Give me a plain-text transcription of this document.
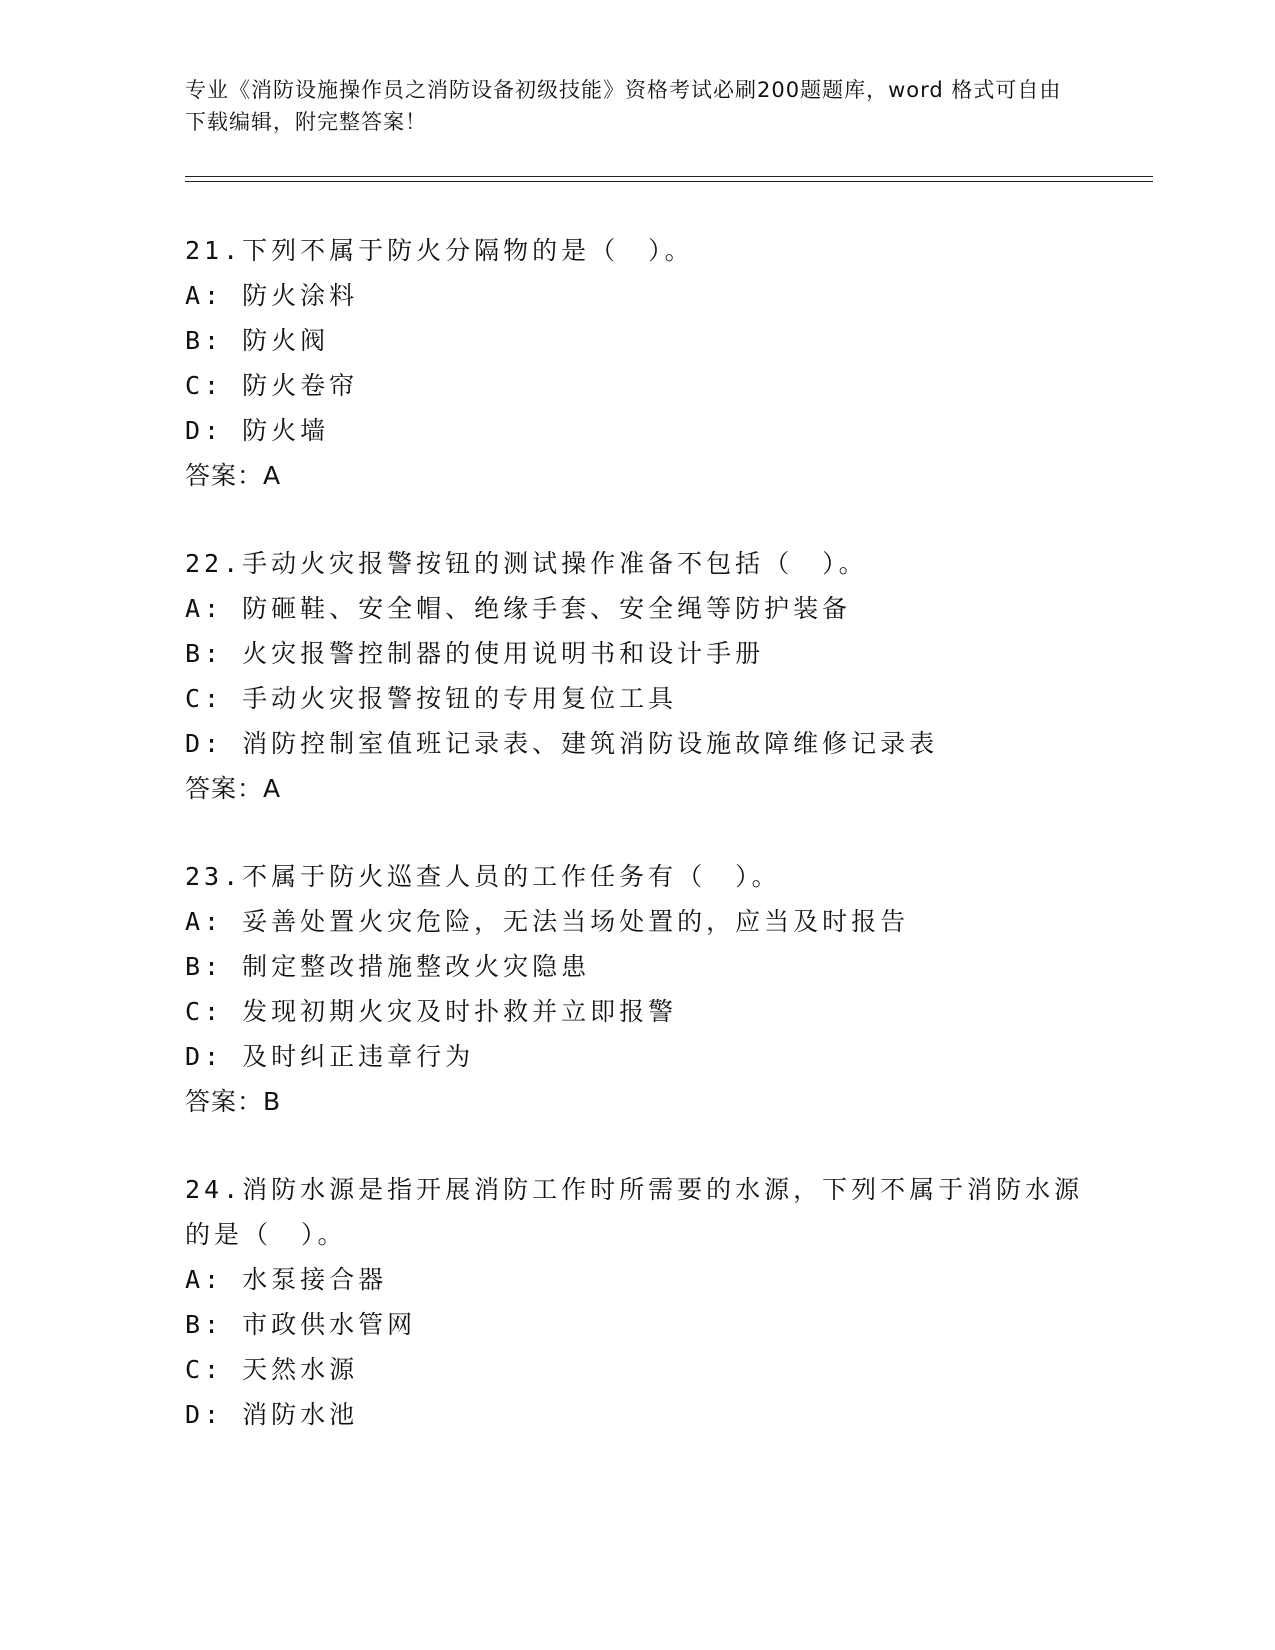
专业《消防设施操作员之消防设备初级技能》资格考试必刷200题题库，word 格式可自由下载编辑，附完整答案！
21.下列不属于防火分隔物的是（　）。
A: 防火涂料
B: 防火阀
C: 防火卷帘
D: 防火墙
答案：A
22.手动火灾报警按钮的测试操作准备不包括（　）。
A: 防砸鞋、安全帽、绝缘手套、安全绳等防护装备
B: 火灾报警控制器的使用说明书和设计手册
C: 手动火灾报警按钮的专用复位工具
D: 消防控制室值班记录表、建筑消防设施故障维修记录表
答案：A
23.不属于防火巡查人员的工作任务有（　）。
A: 妥善处置火灾危险，无法当场处置的，应当及时报告
B: 制定整改措施整改火灾隐患
C: 发现初期火灾及时扑救并立即报警
D: 及时纠正违章行为
答案：B
24.消防水源是指开展消防工作时所需要的水源，下列不属于消防水源的是（　）。
A: 水泵接合器
B: 市政供水管网
C: 天然水源
D: 消防水池
